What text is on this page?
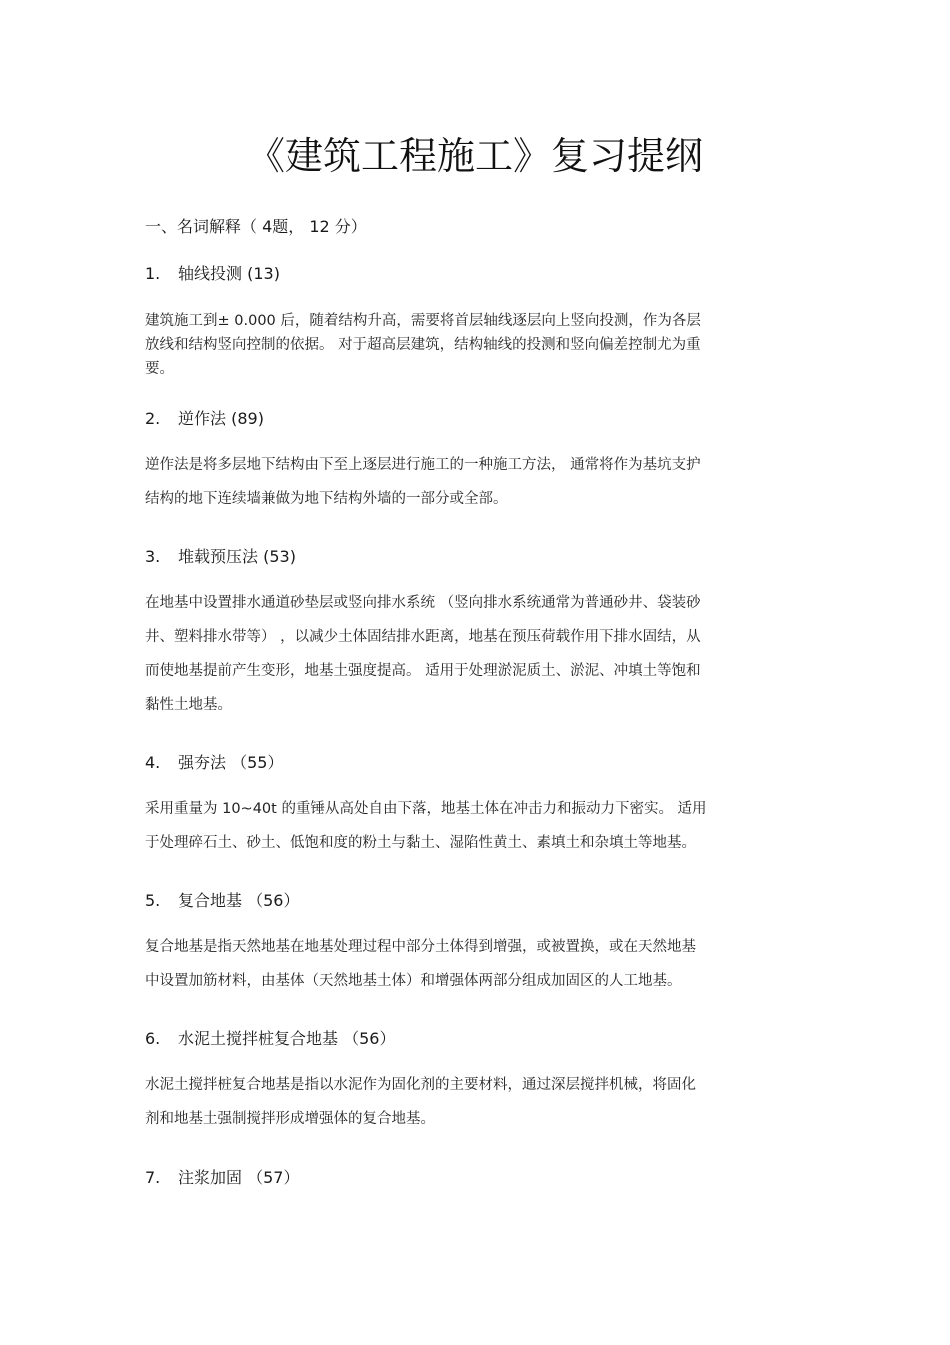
《建筑工程施工》复习提纲
一、名词解释（ 4题， 12 分）
1. 轴线投测 (13)

建筑施工到± 0.000 后，随着结构升高，需要将首层轴线逐层向上竖向投测，作为各层

放线和结构竖向控制的依据。 对于超高层建筑，结构轴线的投测和竖向偏差控制尤为重

要。

2. 逆作法 (89)

逆作法是将多层地下结构由下至上逐层进行施工的一种施工方法， 通常将作为基坑支护

结构的地下连续墙兼做为地下结构外墙的一部分或全部。

3. 堆载预压法 (53)

在地基中设置排水通道砂垫层或竖向排水系统 （竖向排水系统通常为普通砂井、袋装砂

井、塑料排水带等） ，以减少土体固结排水距离，地基在预压荷载作用下排水固结，从

而使地基提前产生变形，地基土强度提高。 适用于处理淤泥质土、淤泥、冲填土等饱和

黏性土地基。

4. 强夯法 （55）

采用重量为 10~40t 的重锤从高处自由下落，地基土体在冲击力和振动力下密实。 适用

于处理碎石土、砂土、低饱和度的粉土与黏土、湿陷性黄土、素填土和杂填土等地基。

5. 复合地基 （56）

复合地基是指天然地基在地基处理过程中部分土体得到增强，或被置换，或在天然地基

中设置加筋材料，由基体（天然地基土体）和增强体两部分组成加固区的人工地基。

6. 水泥土搅拌桩复合地基 （56）

水泥土搅拌桩复合地基是指以水泥作为固化剂的主要材料，通过深层搅拌机械，将固化

剂和地基土强制搅拌形成增强体的复合地基。

7. 注浆加固 （57）
